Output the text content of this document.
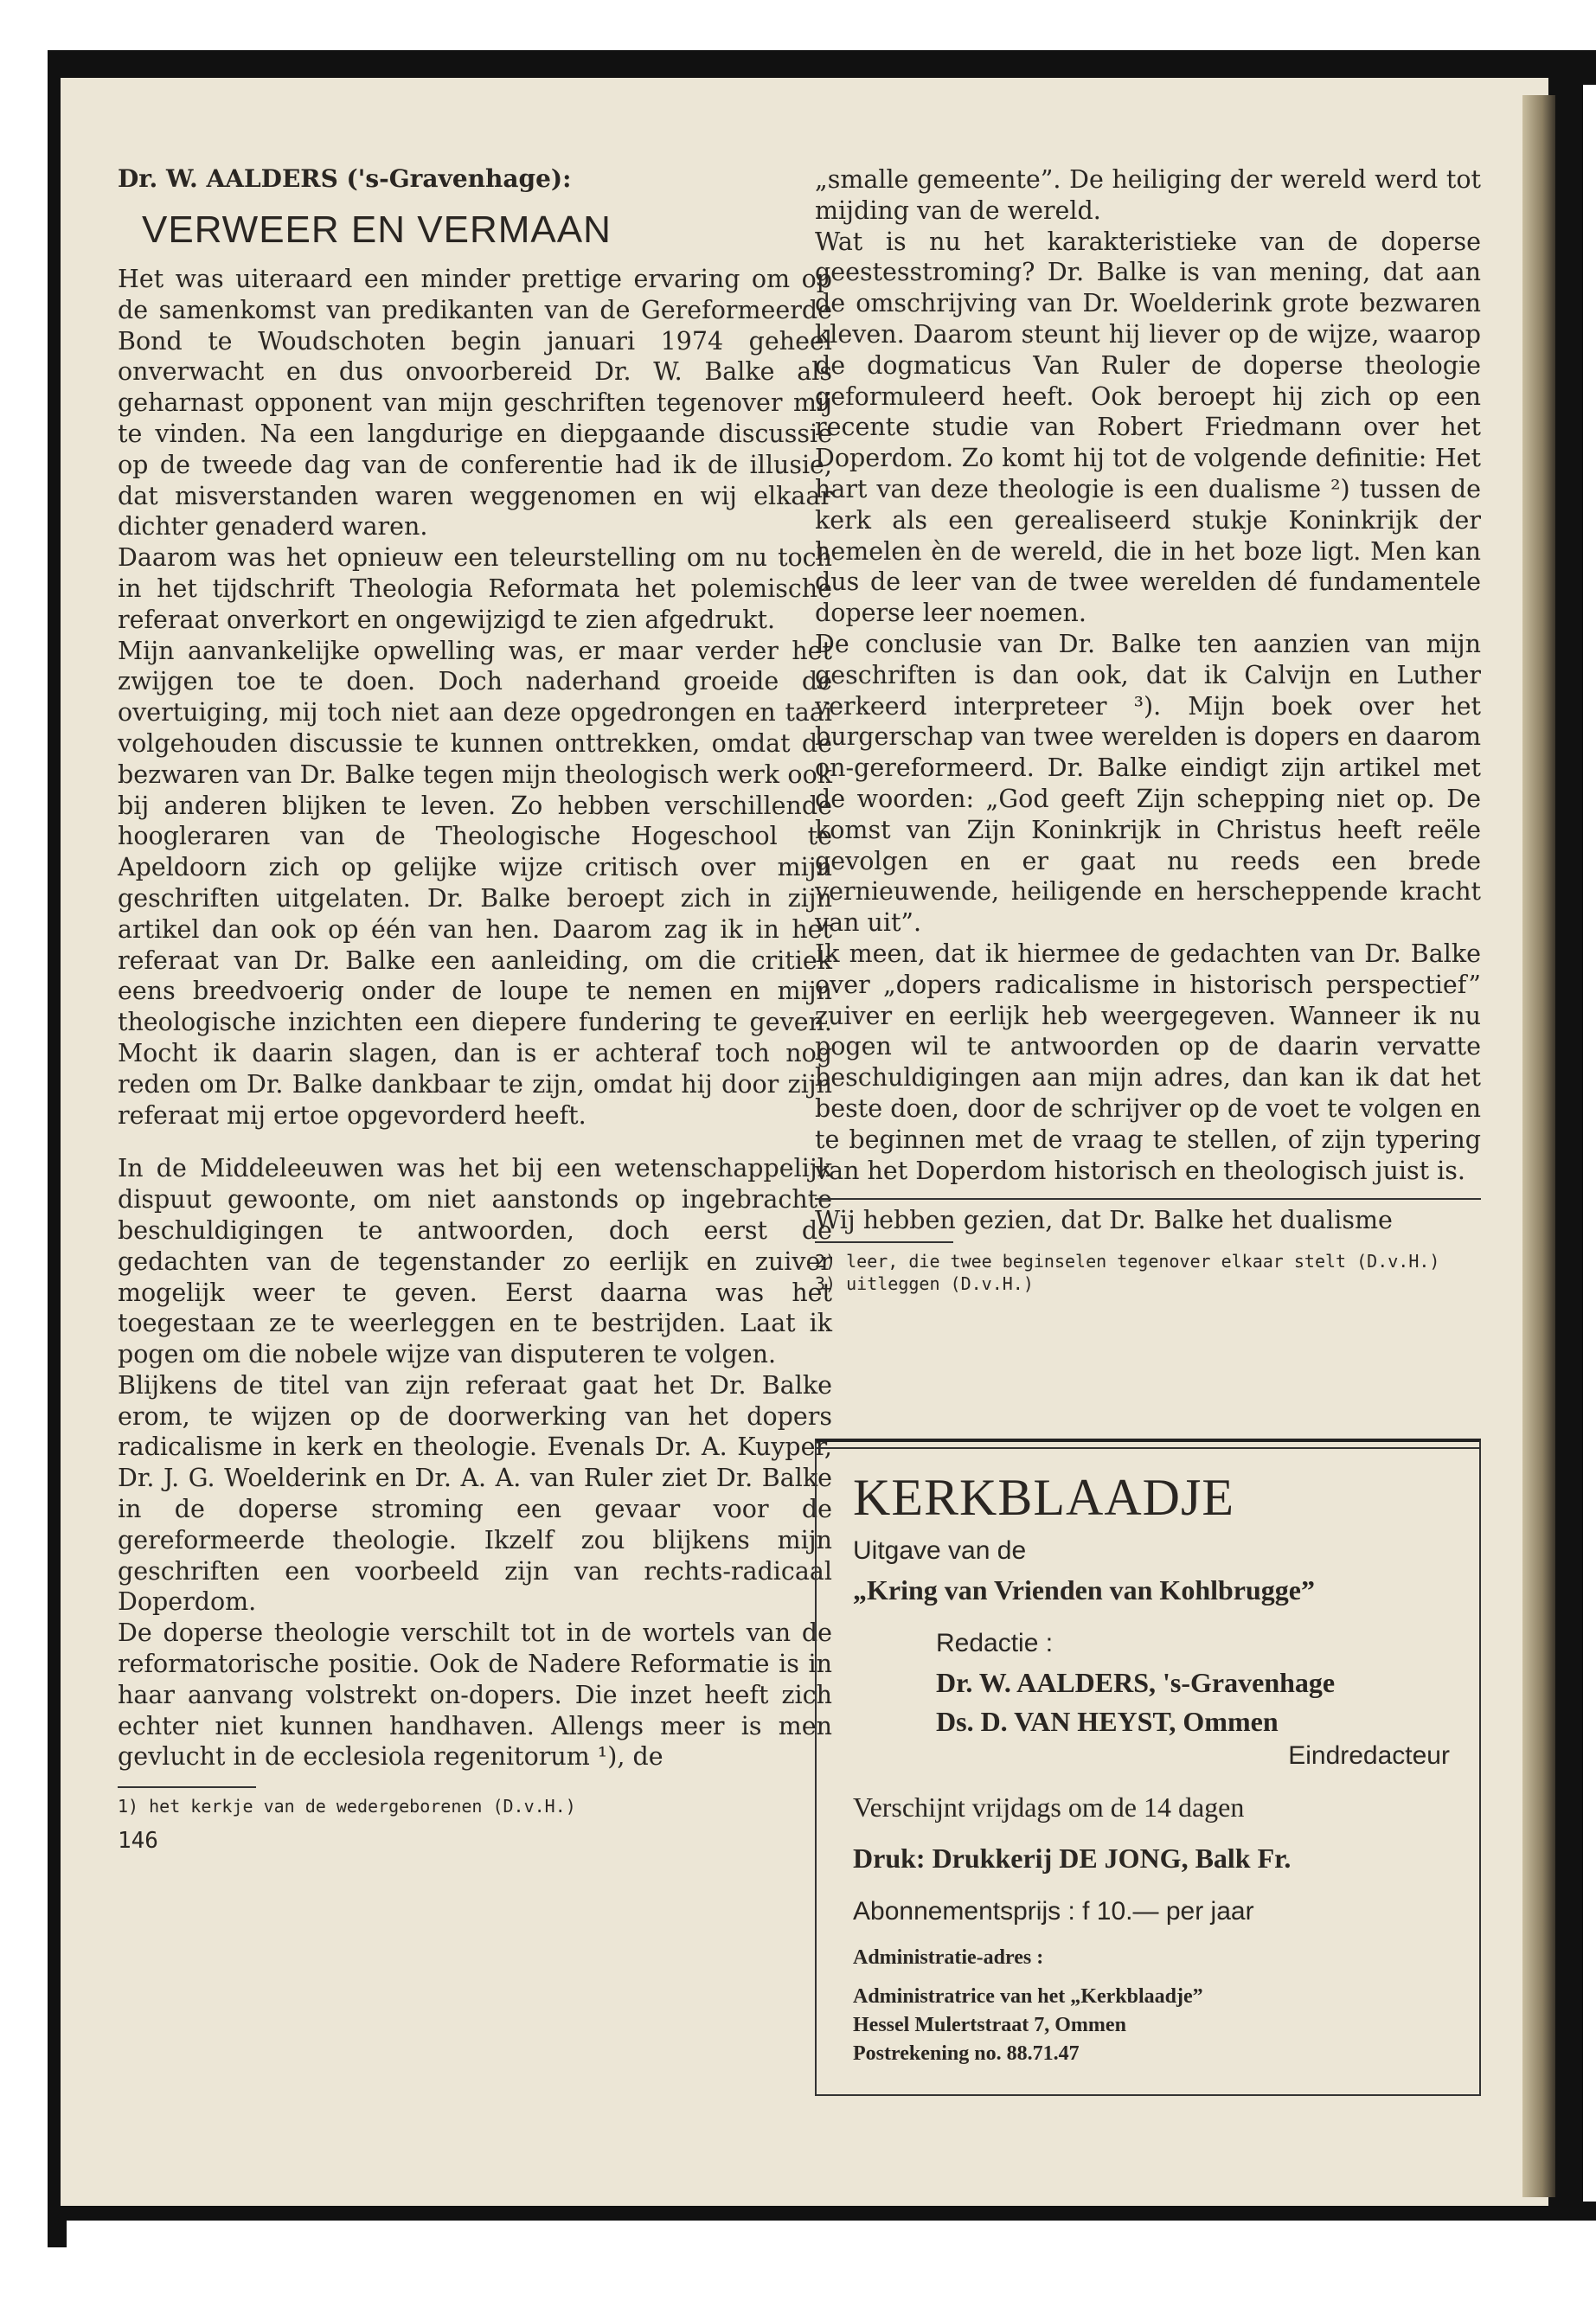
Dr. W. AALDERS ('s-Gravenhage):

VERWEER EN VERMAAN

Het was uiteraard een minder prettige ervaring om op de samenkomst van predikanten van de Gereformeerde Bond te Woudschoten begin januari 1974 geheel onverwacht en dus onvoorbereid Dr. W. Balke als geharnast opponent van mijn geschriften tegenover mij te vinden. Na een langdurige en diepgaande discussie op de tweede dag van de conferentie had ik de illusie, dat misverstanden waren weggenomen en wij elkaar dichter genaderd waren.

Daarom was het opnieuw een teleurstelling om nu toch in het tijdschrift Theologia Reformata het polemische referaat onverkort en ongewijzigd te zien afgedrukt.

Mijn aanvankelijke opwelling was, er maar verder het zwijgen toe te doen. Doch naderhand groeide de overtuiging, mij toch niet aan deze opgedrongen en taai volgehouden discussie te kunnen onttrekken, omdat de bezwaren van Dr. Balke tegen mijn theologisch werk ook bij anderen blijken te leven. Zo hebben verschillende hoogleraren van de Theologische Hogeschool te Apeldoorn zich op gelijke wijze critisch over mijn geschriften uitgelaten. Dr. Balke beroept zich in zijn artikel dan ook op één van hen. Daarom zag ik in het referaat van Dr. Balke een aanleiding, om die critiek eens breedvoerig onder de loupe te nemen en mijn theologische inzichten een diepere fundering te geven. Mocht ik daarin slagen, dan is er achteraf toch nog reden om Dr. Balke dankbaar te zijn, omdat hij door zijn referaat mij ertoe opgevorderd heeft.

In de Middeleeuwen was het bij een wetenschappelijk dispuut gewoonte, om niet aanstonds op ingebrachte beschuldigingen te antwoorden, doch eerst de gedachten van de tegenstander zo eerlijk en zuiver mogelijk weer te geven. Eerst daarna was het toegestaan ze te weerleggen en te bestrijden. Laat ik pogen om die nobele wijze van disputeren te volgen.

Blijkens de titel van zijn referaat gaat het Dr. Balke erom, te wijzen op de doorwerking van het dopers radicalisme in kerk en theologie. Evenals Dr. A. Kuyper, Dr. J. G. Woelderink en Dr. A. A. van Ruler ziet Dr. Balke in de doperse stroming een gevaar voor de gereformeerde theologie. Ikzelf zou blijkens mijn geschriften een voorbeeld zijn van rechts-radicaal Doperdom.

De doperse theologie verschilt tot in de wortels van de reformatorische positie. Ook de Nadere Reformatie is in haar aanvang volstrekt on-dopers. Die inzet heeft zich echter niet kunnen handhaven. Allengs meer is men gevlucht in de ecclesiola regenitorum ¹), de

1) het kerkje van de wedergeborenen (D.v.H.)

146

„smalle gemeente”. De heiliging der wereld werd tot mijding van de wereld.

Wat is nu het karakteristieke van de doperse geestesstroming? Dr. Balke is van mening, dat aan de omschrijving van Dr. Woelderink grote bezwaren kleven. Daarom steunt hij liever op de wijze, waarop de dogmaticus Van Ruler de doperse theologie geformuleerd heeft. Ook beroept hij zich op een recente studie van Robert Friedmann over het Doperdom. Zo komt hij tot de volgende definitie: Het hart van deze theologie is een dualisme ²) tussen de kerk als een gerealiseerd stukje Koninkrijk der hemelen èn de wereld, die in het boze ligt. Men kan dus de leer van de twee werelden dé fundamentele doperse leer noemen.

De conclusie van Dr. Balke ten aanzien van mijn geschriften is dan ook, dat ik Calvijn en Luther verkeerd interpreteer ³). Mijn boek over het burgerschap van twee werelden is dopers en daarom on-gereformeerd. Dr. Balke eindigt zijn artikel met de woorden: „God geeft Zijn schepping niet op. De komst van Zijn Koninkrijk in Christus heeft reële gevolgen en er gaat nu reeds een brede vernieuwende, heiligende en herscheppende kracht van uit”.

Ik meen, dat ik hiermee de gedachten van Dr. Balke over „dopers radicalisme in historisch perspectief” zuiver en eerlijk heb weergegeven. Wanneer ik nu pogen wil te antwoorden op de daarin vervatte beschuldigingen aan mijn adres, dan kan ik dat het beste doen, door de schrijver op de voet te volgen en te beginnen met de vraag te stellen, of zijn typering van het Doperdom historisch en theologisch juist is.

Wij hebben gezien, dat Dr. Balke het dualisme

2) leer, die twee beginselen tegenover elkaar stelt (D.v.H.)

3) uitleggen (D.v.H.)

KERKBLAADJE

Uitgave van de

„Kring van Vrienden van Kohlbrugge”

Redactie :

Dr. W. AALDERS, 's-Gravenhage

Ds. D. VAN HEYST, Ommen

Eindredacteur

Verschijnt vrijdags om de 14 dagen

Druk: Drukkerij DE JONG, Balk Fr.

Abonnementsprijs : f 10.— per jaar

Administratie-adres :

Administratrice van het „Kerkblaadje”

Hessel Mulertstraat 7, Ommen

Postrekening no. 88.71.47
